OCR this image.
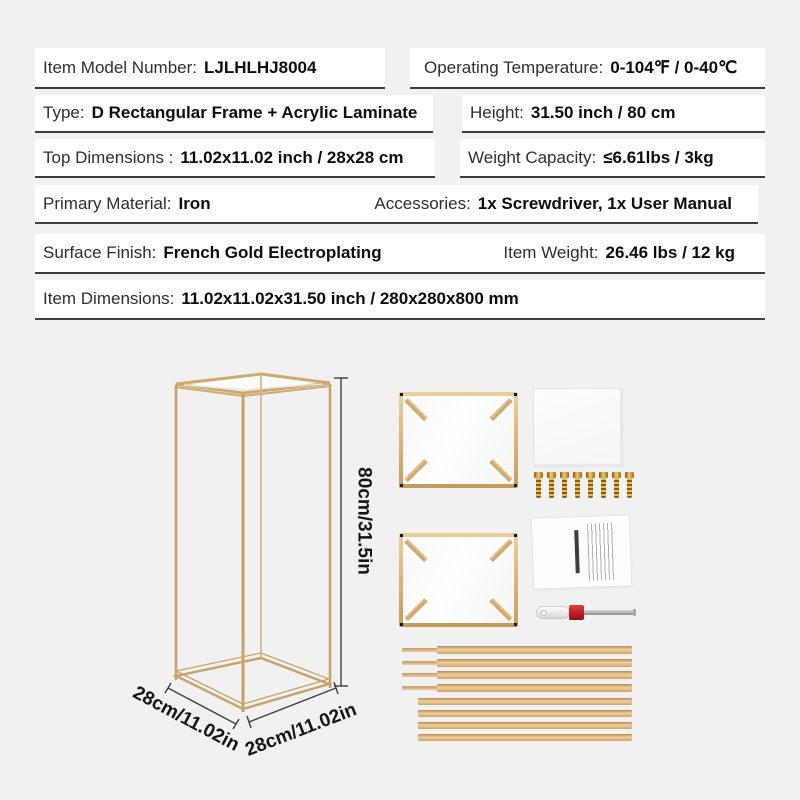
Item Model Number: LJLHLHJ8004	Operating Temperature: 0-104℉ / 0-40℃
Type: D Rectangular Frame + Acrylic Laminate	Height: 31.50 inch / 80 cm
Top Dimensions : 11.02x11.02 inch / 28x28 cm	Weight Capacity: ≤6.61lbs / 3kg
Primary Material: Iron	Accessories: 1x Screwdriver, 1x User Manual
Surface Finish: French Gold Electroplating	Item Weight: 26.46 lbs / 12 kg
Item Dimensions: 11.02x11.02x31.50 inch / 280x280x800 mm
80cm/31.5in
28cm/11.02in 28cm/11.02in
